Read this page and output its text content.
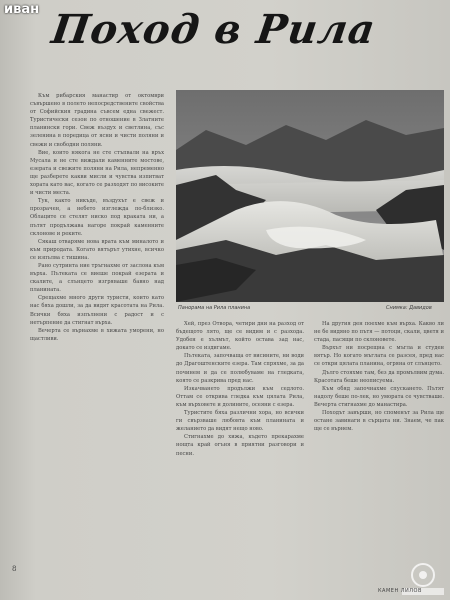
иван Поход в Рила
Панорама на Рила планина	Снимка: Давидов

Към рибарския манастир от октомври съвършено в полето непосредствените свойства от Софийския градина съвсем една свежест. Туристически сезон по отношение в Златните планински гори. Свеж въздух и светлина, със зеленина в поредица от ясни и чисти поляни и свежи и свободни поляни.

Вие, които някога не сте стъпвали на връх Мусала и не сте виждали каменните мостове, езерата и свежите поляни на Рила, непременно ще разберете какви мисли и чувства изпитват хората като вас, когато се разходят по високите и чисти места.

Тук, както никъде, въздухът е свеж и прозрачен, а небето изглежда по-близко. Облаците се стелят ниско под краката ни, а пътят продължава нагоре покрай каменните склонове и реките.

Сякаш отваряме нова врата към миналото и към природата. Когато вятърът утихне, всичко се изпълва с тишина.

Рано сутринта ние тръгнахме от заслона към върха. Пътеката се виеше покрай езерата и скалите, а слънцето изгряваше бавно над планината.

Срещахме много други туристи, които като нас бяха дошли, за да видят красотата на Рила. Всички бяха изпълнени с радост и с нетърпение да стигнат върха.

Вечерта се върнахме в хижата уморени, но щастливи.

Хей, през Отвора, четири дни на разход от бъдещото лято, ще се видим и с разхода. Удобен е хълмът, който остава зад нас, докато се издигаме.

Пътеката, започваща от висините, ни води до Драгоштенските езера. Там спряхме, за да починем и да се полюбуваме на гледката, която се разкрива пред нас.

Изкачването продължи към седлото. Оттам се открива гледка към цялата Рила, към върховете и долините, осеяни с езера.

Туристите бяха различни хора, но всички ги свързваше любовта към планината и желанието да видят нещо ново.

Стигнахме до хижа, където прекарахме нощта край огъня в приятни разговори и песни.

На другия ден поехме към върха. Какво ли не бе видяно по пътя — потоци, скали, цветя и стада, пасящи по склоновете.

Върхът ни посрещна с мъгла и студен вятър. Но когато мъглата се разсея, пред нас се откри цялата планина, огряна от слънцето.

Дълго стояхме там, без да промълвим дума. Красотата беше неописуема.

Към обяд започнахме спускането. Пътят надолу беше по-лек, но умората се чувстваше. Вечерта стигнахме до манастира.

Походът завърши, но споменът за Рила ще остане завинаги в сърцата ни. Знаем, че пак ще се върнем.

8
КАМЕН ЛИЛОВ
